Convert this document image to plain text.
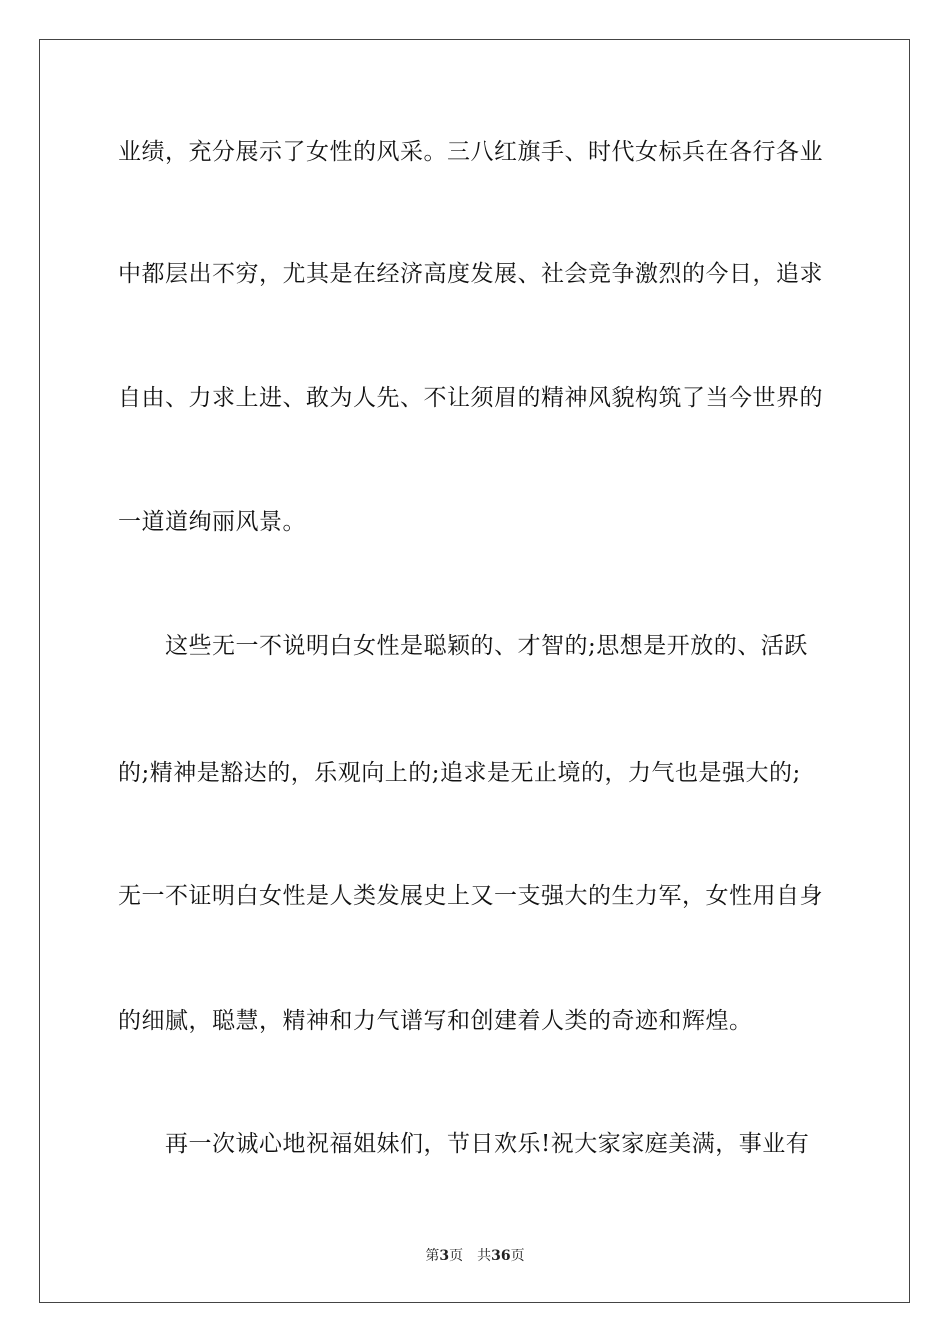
业绩，充分展示了女性的风采。三八红旗手、时代女标兵在各行各业
中都层出不穷，尤其是在经济高度发展、社会竞争激烈的今日，追求
自由、力求上进、敢为人先、不让须眉的精神风貌构筑了当今世界的
一道道绚丽风景。
这些无一不说明白女性是聪颖的、才智的;思想是开放的、活跃
的;精神是豁达的，乐观向上的;追求是无止境的，力气也是强大的;
无一不证明白女性是人类发展史上又一支强大的生力军，女性用自身
的细腻，聪慧，精神和力气谱写和创建着人类的奇迹和辉煌。
再一次诚心地祝福姐妹们，节日欢乐!祝大家家庭美满，事业有
第3页 共36页
